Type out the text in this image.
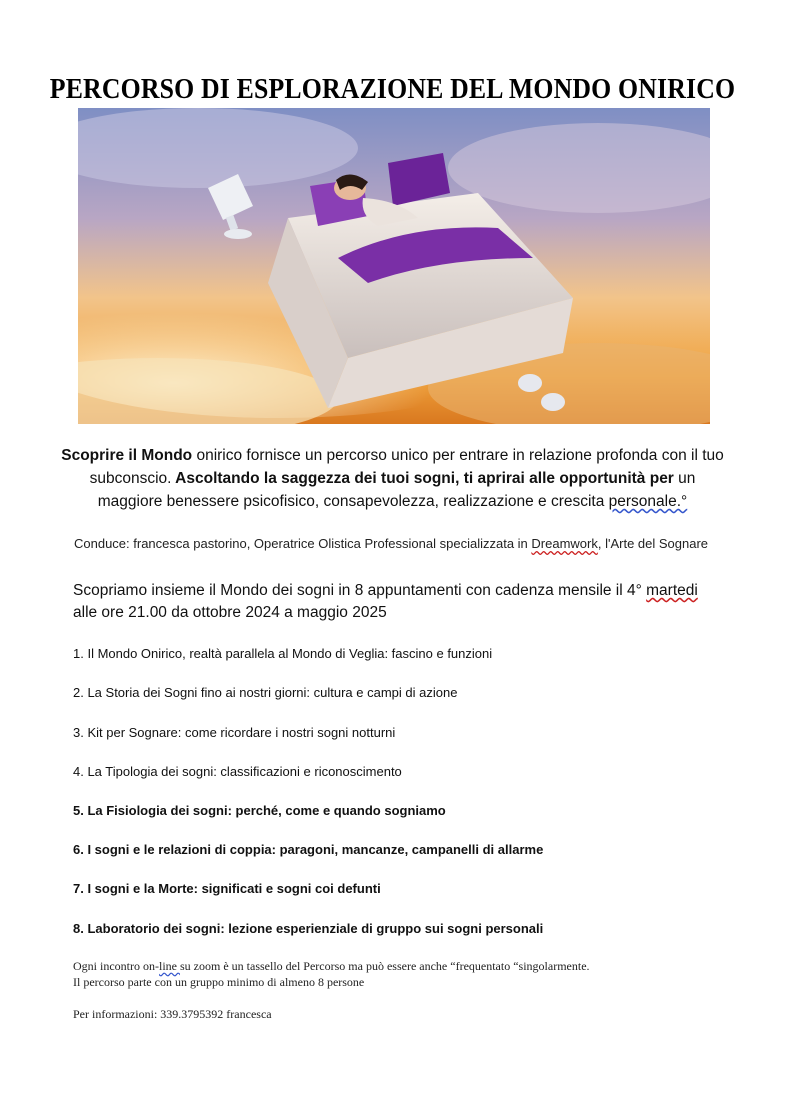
PERCORSO DI ESPLORAZIONE DEL MONDO ONIRICO
Scoprire il Mondo onirico fornisce un percorso unico per entrare in relazione profonda con il tuo subconscio. Ascoltando la saggezza dei tuoi sogni, ti aprirai alle opportunità per un maggiore benessere psicofisico, consapevolezza, realizzazione e crescita personale.°
Conduce: francesca pastorino, Operatrice Olistica Professional specializzata in Dreamwork, l'Arte del Sognare
Scopriamo insieme il Mondo dei sogni in 8 appuntamenti con cadenza mensile il 4° martedi alle ore 21.00 da ottobre 2024 a maggio 2025
1. Il Mondo Onirico, realtà parallela al Mondo di Veglia: fascino e funzioni
2. La Storia dei Sogni fino ai nostri giorni: cultura e campi di azione
3. Kit per Sognare: come ricordare i nostri sogni notturni
4. La Tipologia dei sogni: classificazioni e riconoscimento
5. La Fisiologia dei sogni: perché, come e quando sogniamo
6. I sogni e le relazioni di coppia: paragoni, mancanze, campanelli di allarme
7. I sogni e la Morte: significati e sogni coi defunti
8. Laboratorio dei sogni: lezione esperienziale di gruppo sui sogni personali
Ogni incontro on-line su zoom è un tassello del Percorso ma può essere anche “frequentato “singolarmente.
Il percorso parte con un gruppo minimo di almeno 8 persone
Per informazioni: 339.3795392 francesca
